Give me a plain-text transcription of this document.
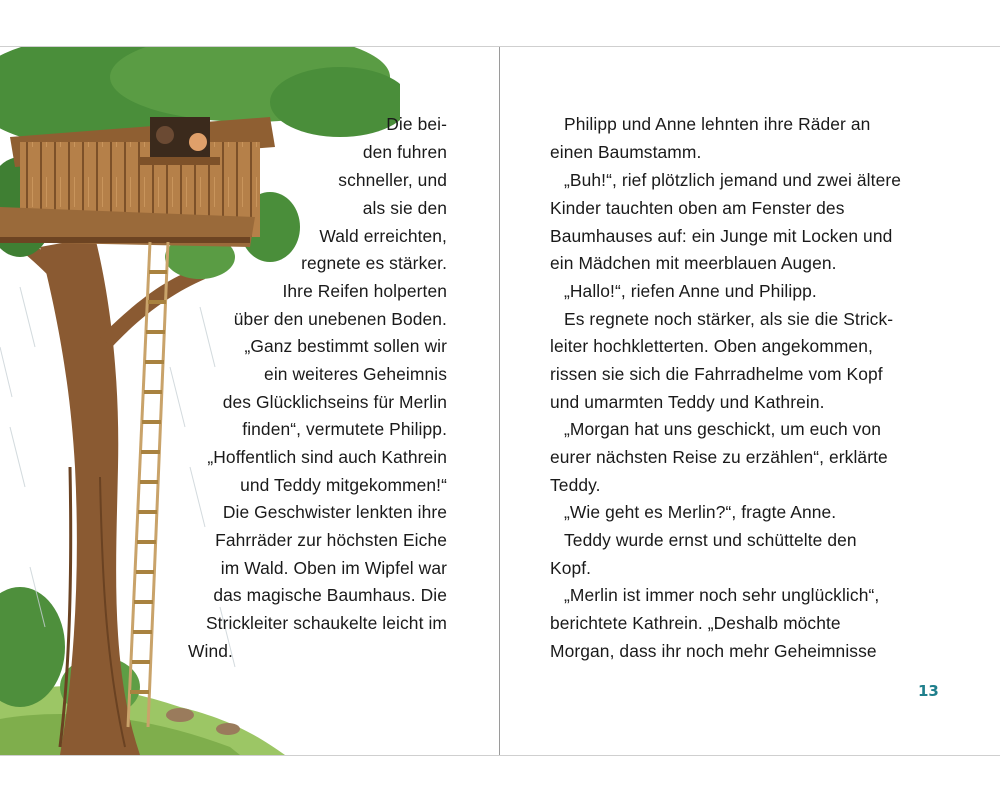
Die bei-
den fuhren
schneller, und
als sie den
Wald erreichten,
regnete es stärker.
Ihre Reifen holperten
über den unebenen Boden.
„Ganz bestimmt sollen wir
ein weiteres Geheimnis
des Glücklichseins für Merlin
finden“, vermutete Philipp.
„Hoffentlich sind auch Kathrein
und Teddy mitgekommen!“
Die Geschwister lenkten ihre
Fahrräder zur höchsten Eiche
im Wald. Oben im Wipfel war
das magische Baumhaus. Die
Strickleiter schaukelte leicht im
Wind.
Philipp und Anne lehnten ihre Räder an
einen Baumstamm.
„Buh!“, rief plötzlich jemand und zwei ältere
Kinder tauchten oben am Fenster des
Baumhauses auf: ein Junge mit Locken und
ein Mädchen mit meerblauen Augen.
„Hallo!“, riefen Anne und Philipp.
Es regnete noch stärker, als sie die Strick-
leiter hochkletterten. Oben angekommen,
rissen sie sich die Fahrradhelme vom Kopf
und umarmten Teddy und Kathrein.
„Morgan hat uns geschickt, um euch von
eurer nächsten Reise zu erzählen“, erklärte
Teddy.
„Wie geht es Merlin?“, fragte Anne.
Teddy wurde ernst und schüttelte den
Kopf.
„Merlin ist immer noch sehr unglücklich“,
berichtete Kathrein. „Deshalb möchte
Morgan, dass ihr noch mehr Geheimnisse
13
